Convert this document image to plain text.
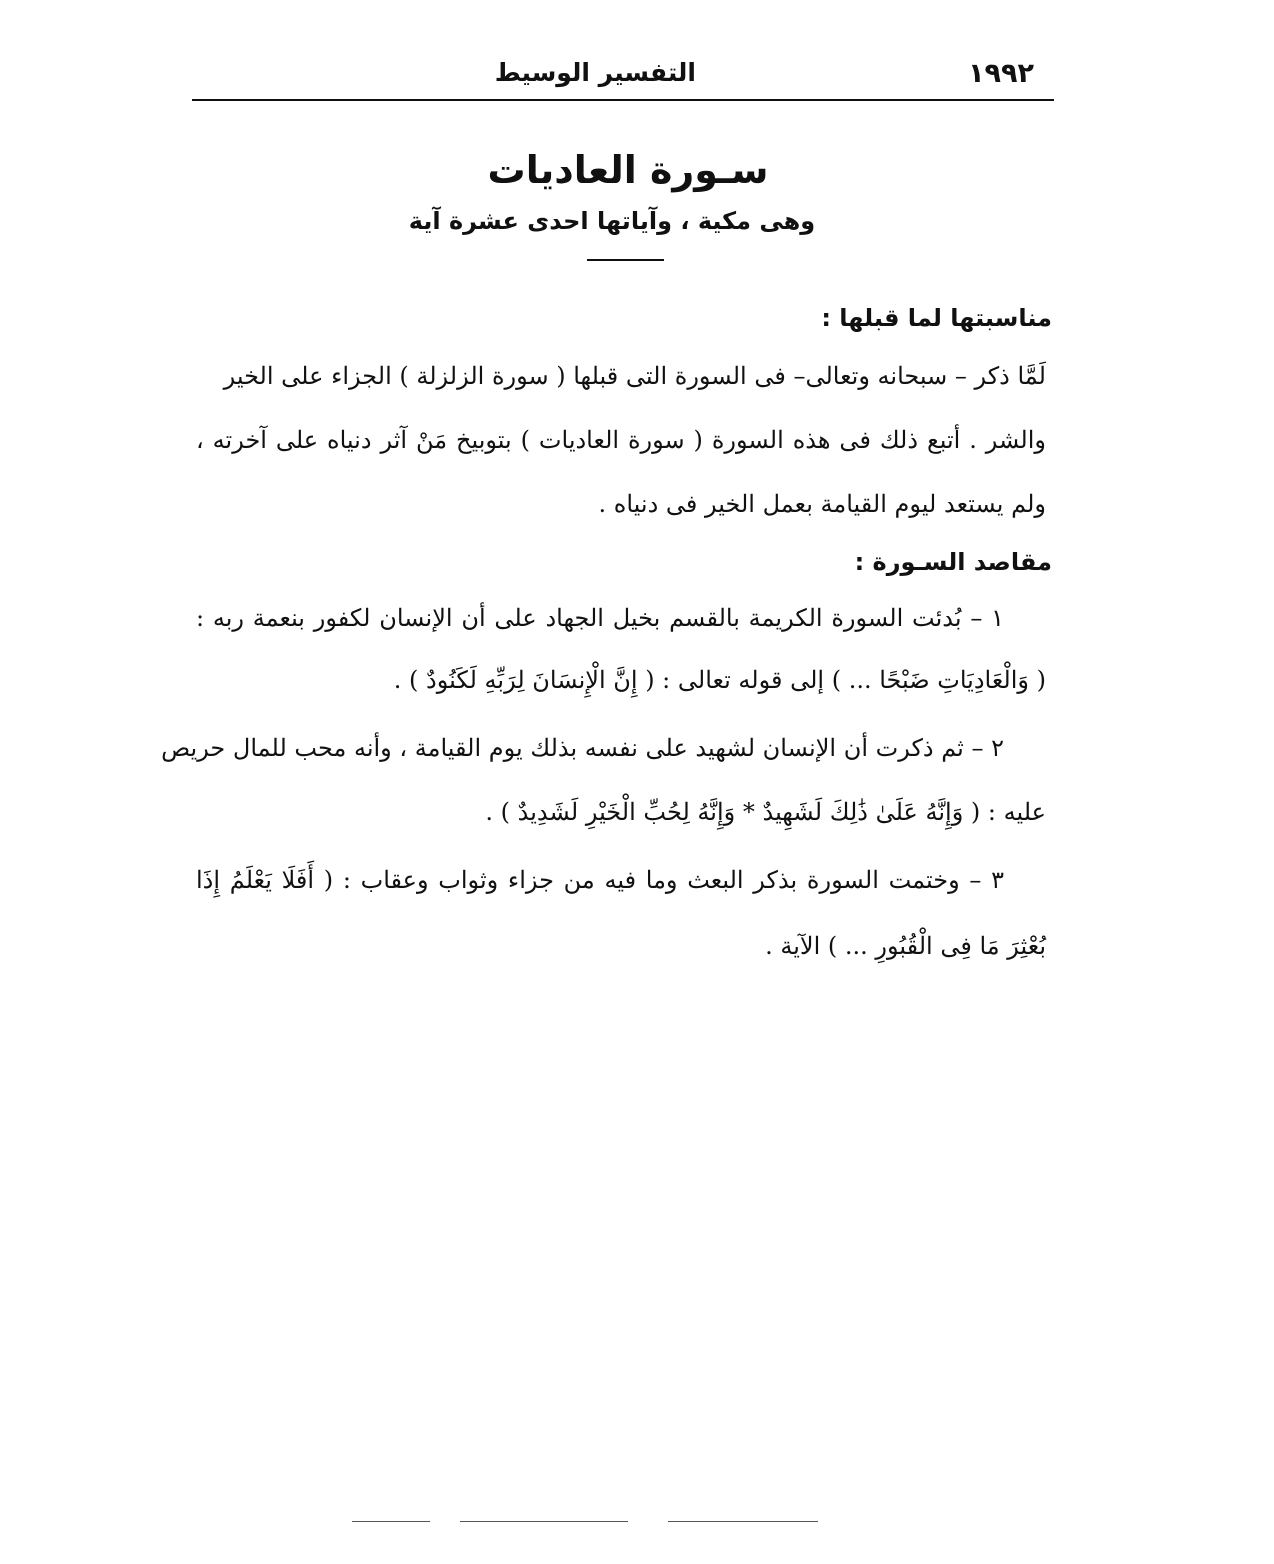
١٩٩٢
التفسير الوسيط
سـورة العاديات
وهى مكية ، وآياتها احدى عشرة آية
مناسبتها لما قبلها :
لَمَّا ذكر – سبحانه وتعالى– فى السورة التى قبلها ( سورة الزلزلة ) الجزاء على الخير
والشر . أتبع ذلك فى هذه السورة ( سورة العاديات ) بتوبيخ مَنْ آثر دنياه على آخرته ،
ولم يستعد ليوم القيامة بعمل الخير فى دنياه .
مقاصد السـورة :
١ – بُدئت السورة الكريمة بالقسم بخيل الجهاد على أن الإنسان لكفور بنعمة ربه :
( وَالْعَادِيَاتِ ضَبْحًا ... ) إلى قوله تعالى : ( إِنَّ الْإِنسَانَ لِرَبِّهِ لَكَنُودٌ ) .
٢ – ثم ذكرت أن الإنسان لشهيد على نفسه بذلك يوم القيامة ، وأنه محب للمال حريص
عليه : ( وَإِنَّهُ عَلَىٰ ذَٰلِكَ لَشَهِيدٌ * وَإِنَّهُ لِحُبِّ الْخَيْرِ لَشَدِيدٌ ) .
٣ – وختمت السورة بذكر البعث وما فيه من جزاء وثواب وعقاب : ( أَفَلَا يَعْلَمُ إِذَا
بُعْثِرَ مَا فِى الْقُبُورِ ... ) الآية .
